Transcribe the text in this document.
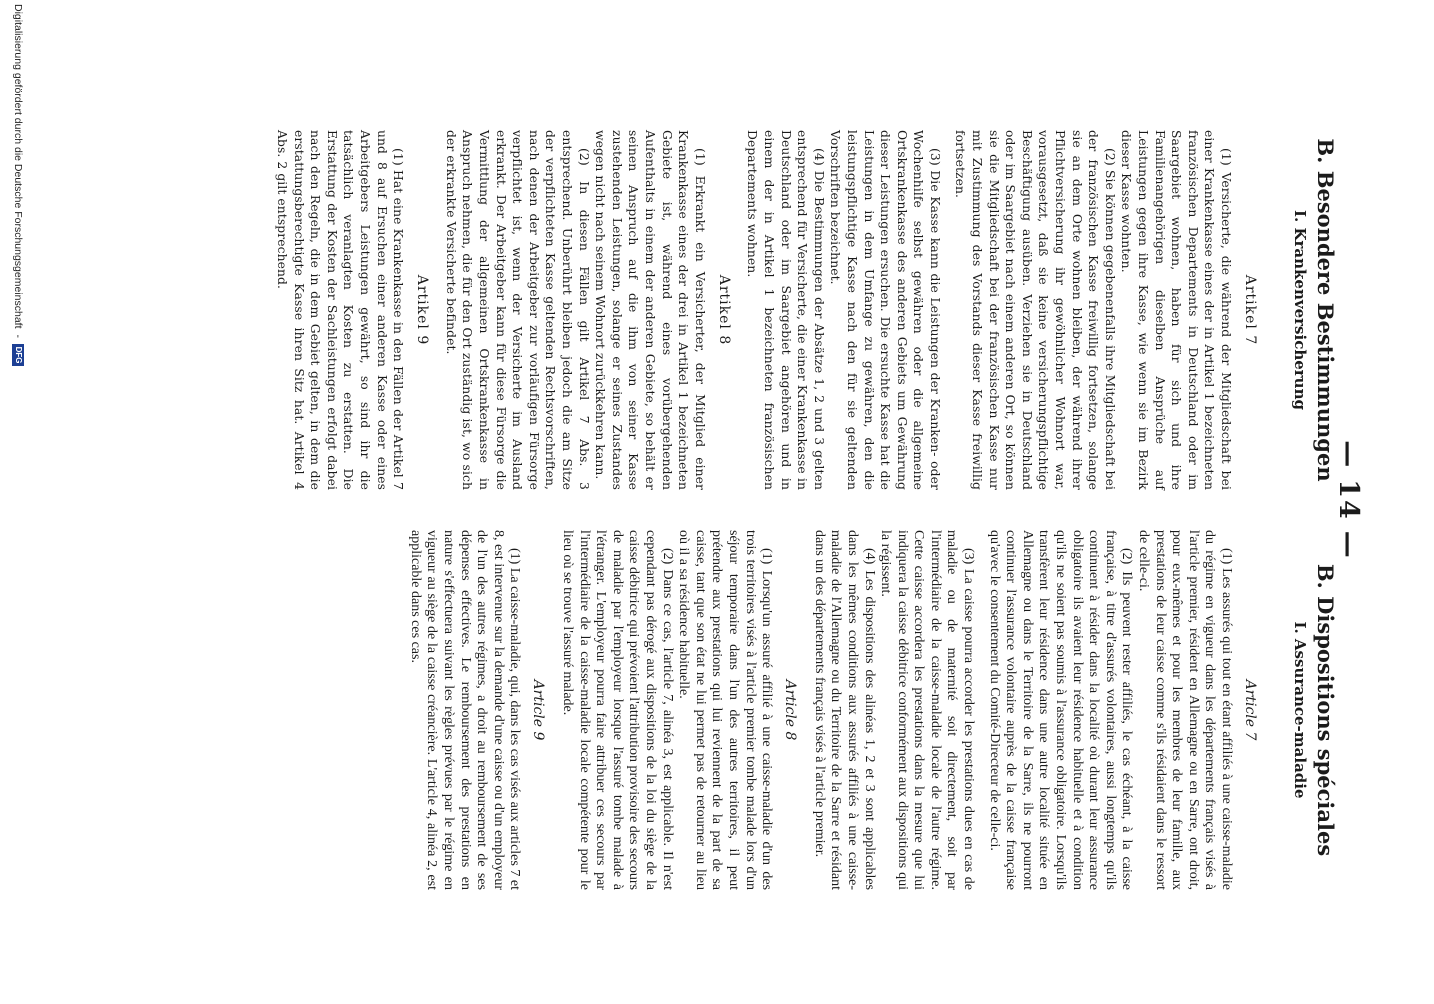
—14—
B. Besondere Bestimmungen
I. Krankenversicherung
B. Dispositions spéciales
I. Assurance-maladie
Artikel 7

(1) Versicherte, die während der Mitgliedschaft bei einer Krankenkasse eines der in Artikel 1 bezeichneten französischen Departements in Deutschland oder im Saargebiet wohnen, haben für sich und ihre Familienangehörigen dieselben Ansprüche auf Leistungen gegen ihre Kasse, wie wenn sie im Bezirk dieser Kasse wohnten.

(2) Sie können gegebenenfalls ihre Mitgliedschaft bei der französischen Kasse freiwillig fortsetzen, solange sie an dem Orte wohnen bleiben, der während ihrer Pflichtversicherung ihr gewöhnlicher Wohnort war, vorausgesetzt, daß sie keine versicherungspflichtige Beschäftigung ausüben. Verziehen sie in Deutschland oder im Saargebiet nach einem anderen Ort, so können sie die Mitgliedschaft bei der französischen Kasse nur mit Zustimmung des Vorstands dieser Kasse freiwillig fortsetzen.

(3) Die Kasse kann die Leistungen der Kranken- oder Wochenhilfe selbst gewähren oder die allgemeine Ortskrankenkasse des anderen Gebiets um Gewährung dieser Leistungen ersuchen. Die ersuchte Kasse hat die Leistungen in dem Umfange zu gewähren, den die leistungspflichtige Kasse nach den für sie geltenden Vorschriften bezeichnet.

(4) Die Bestimmungen der Absätze 1, 2 und 3 gelten entsprechend für Versicherte, die einer Krankenkasse in Deutschland oder im Saargebiet angehören und in einem der in Artikel 1 bezeichneten französischen Departements wohnen.

Artikel 8

(1) Erkrankt ein Versicherter, der Mitglied einer Krankenkasse eines der drei in Artikel 1 bezeichneten Gebiete ist, während eines vorübergehenden Aufenthalts in einem der anderen Gebiete, so behält er seinen Anspruch auf die ihm von seiner Kasse zustehenden Leistungen, solange er seines Zustandes wegen nicht nach seinem Wohnort zurückkehren kann.

(2) In diesen Fällen gilt Artikel 7 Abs. 3 entsprechend. Unberührt bleiben jedoch die am Sitze der verpflichteten Kasse geltenden Rechtsvorschriften, nach denen der Arbeitgeber zur vorläufigen Fürsorge verpflichtet ist, wenn der Versicherte im Ausland erkrankt. Der Arbeitgeber kann für diese Fürsorge die Vermittlung der allgemeinen Ortskrankenkasse in Anspruch nehmen, die für den Ort zuständig ist, wo sich der erkrankte Versicherte befindet.

Artikel 9

(1) Hat eine Krankenkasse in den Fällen der Artikel 7 und 8 auf Ersuchen einer anderen Kasse oder eines Arbeitgebers Leistungen gewährt, so sind ihr die tatsächlich veranlagten Kosten zu erstatten. Die Erstattung der Kosten der Sachleistungen erfolgt dabei nach den Regeln, die in dem Gebiet gelten, in dem die erstattungsberechtigte Kasse ihren Sitz hat. Artikel 4 Abs. 2 gilt entsprechend.

Article 7

(1) Les assurés qui tout en étant affiliés à une caisse-maladie du régime en vigueur dans les départements français visés à l'article premier, résident en Allemagne ou en Sarre, ont droit, pour eux-mêmes et pour les membres de leur famille, aux prestations de leur caisse comme s'ils résidaient dans le ressort de celle-ci.

(2) Ils peuvent rester affiliés, le cas échéant, à la caisse française, à titre d'assurés volontaires, aussi longtemps qu'ils continuent à résider dans la localité où durant leur assurance obligatoire ils avaient leur résidence habituelle et à condition qu'ils ne soient pas soumis à l'assurance obligatoire. Lorsqu'ils transfèrent leur résidence dans une autre localité située en Allemagne ou dans le Territoire de la Sarre, ils ne pourront continuer l'assurance volontaire auprès de la caisse française qu'avec le consentement du Comité-Directeur de celle-ci.

(3) La caisse pourra accorder les prestations dues en cas de maladie ou de maternité soit directement, soit par l'intermédiaire de la caisse-maladie locale de l'autre régime. Cette caisse accordera les prestations dans la mesure que lui indiquera la caisse débitrice conformément aux dispositions qui la régissent.

(4) Les dispositions des alinéas 1, 2 et 3 sont applicables dans les mêmes conditions aux assurés affiliés à une caisse-maladie de l'Allemagne ou du Territoire de la Sarre et résidant dans un des départements français visés à l'article premier.

Article 8

(1) Lorsqu'un assuré affilié à une caisse-maladie d'un des trois territoires visés à l'article premier tombe malade lors d'un séjour temporaire dans l'un des autres territoires, il peut prétendre aux prestations qui lui reviennent de la part de sa caisse, tant que son état ne lui permet pas de retourner au lieu où il a sa résidence habituelle.

(2) Dans ce cas, l'article 7, alinéa 3, est applicable. Il n'est cependant pas dérogé aux dispositions de la loi du siège de la caisse débitrice qui prévoient l'attribution provisoire des secours de maladie par l'employeur lorsque l'assuré tombe malade à l'étranger. L'employeur pourra faire attribuer ces secours par l'intermédiaire de la caisse-maladie locale compétente pour le lieu où se trouve l'assuré malade.

Article 9

(1) La caisse-maladie, qui, dans les cas visés aux articles 7 et 8, est intervenue sur la demande d'une caisse ou d'un employeur de l'un des autres régimes, a droit au remboursement de ses dépenses effectives. Le remboursement des prestations en nature s'effectuera suivant les règles prévues par le régime en vigueur au siège de la caisse créancière. L'article 4, alinéa 2, est applicable dans ces cas.

Digitalisierung gefördert durch die Deutsche Forschungsgemeinschaft
-
DFG
